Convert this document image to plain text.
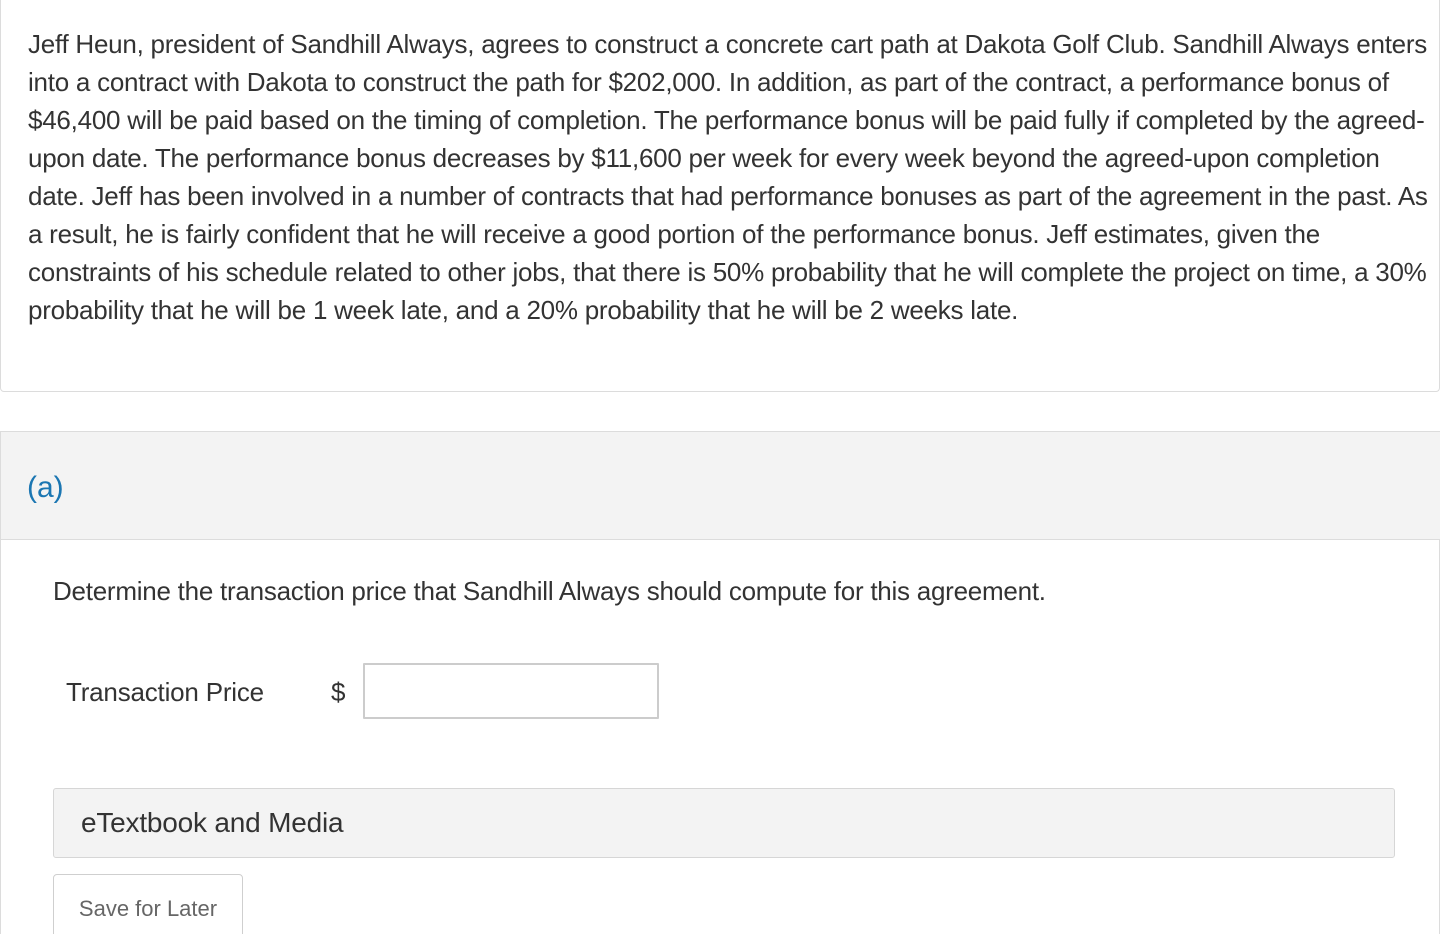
Jeff Heun, president of Sandhill Always, agrees to construct a concrete cart path at Dakota Golf Club. Sandhill Always enters into a contract with Dakota to construct the path for $202,000. In addition, as part of the contract, a performance bonus of $46,400 will be paid based on the timing of completion. The performance bonus will be paid fully if completed by the agreed-upon date. The performance bonus decreases by $11,600 per week for every week beyond the agreed-upon completion date. Jeff has been involved in a number of contracts that had performance bonuses as part of the agreement in the past. As a result, he is fairly confident that he will receive a good portion of the performance bonus. Jeff estimates, given the constraints of his schedule related to other jobs, that there is 50% probability that he will complete the project on time, a 30% probability that he will be 1 week late, and a 20% probability that he will be 2 weeks late.

(a)
Determine the transaction price that Sandhill Always should compute for this agreement.
Transaction Price	$
eTextbook and Media
Save for Later
